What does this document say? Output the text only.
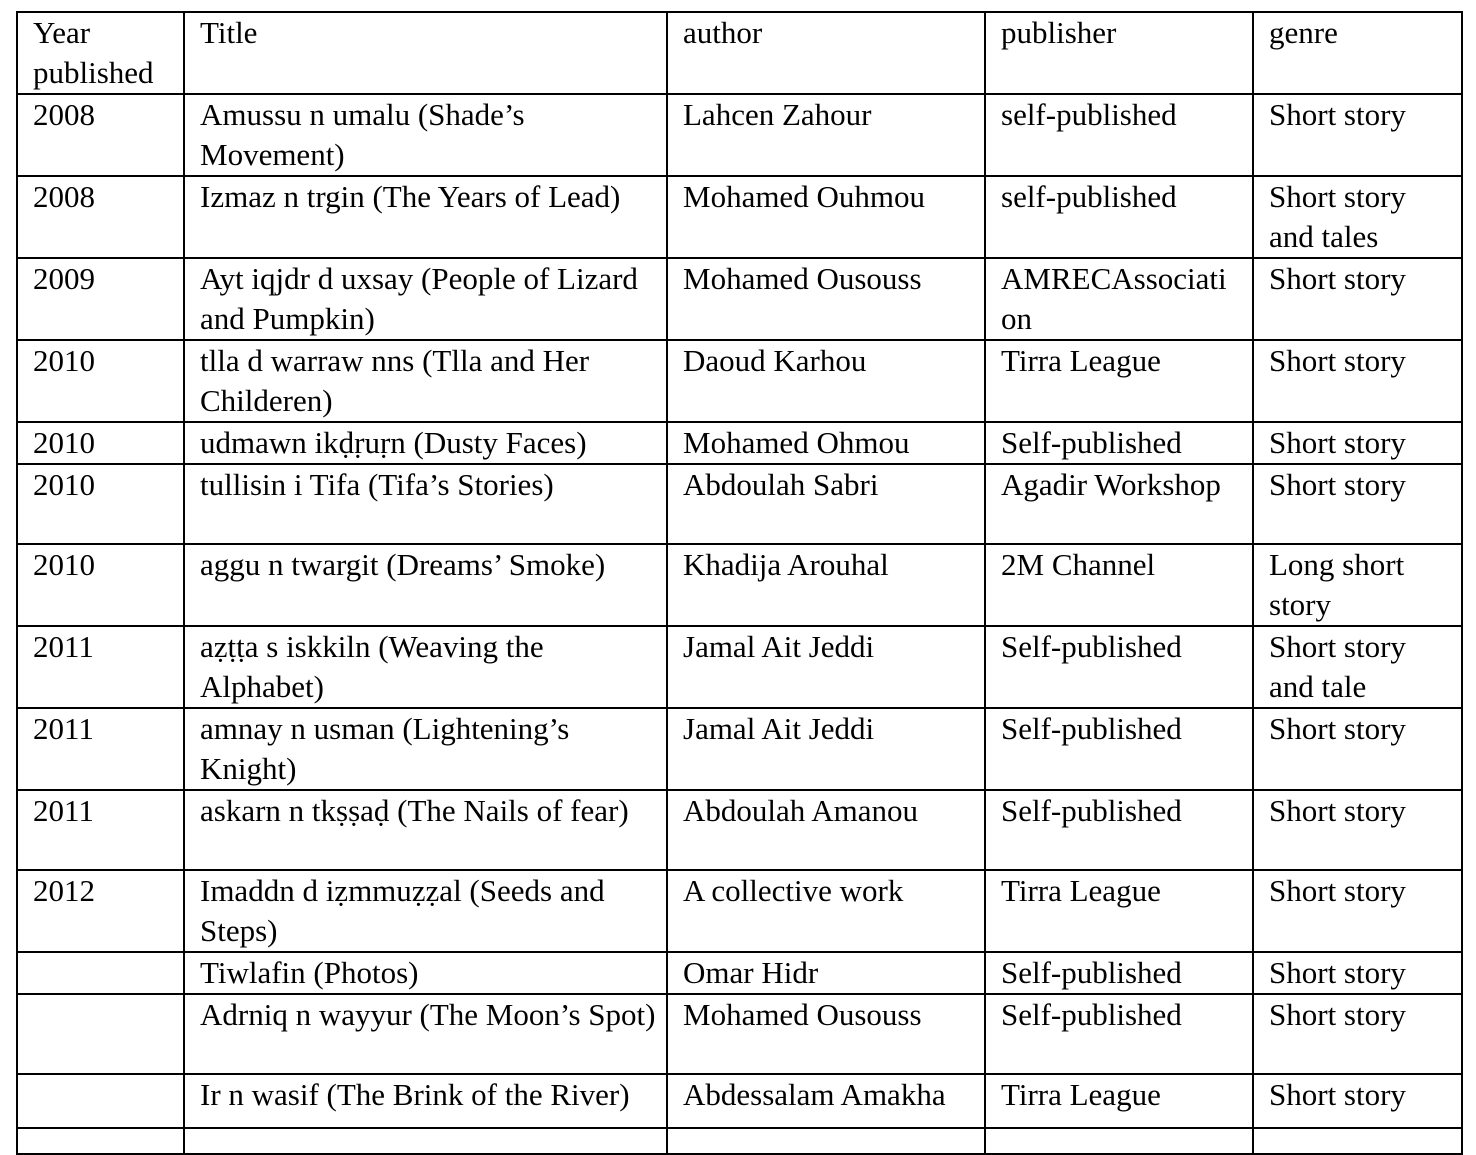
Year published	Title	author	publisher	genre
2008	Amussu n umalu (Shade’s Movement)	Lahcen Zahour	self-published	Short story
2008	Izmaz n trgin (The Years of Lead)	Mohamed Ouhmou	self-published	Short story and tales
2009	Ayt iqjdr d uxsay (People of Lizard and Pumpkin)	Mohamed Ousouss	AMRECAssociation	Short story
2010	tlla d warraw nns (Tlla and Her Childeren)	Daoud Karhou	Tirra League	Short story
2010	udmawn ikḍṛuṛn (Dusty Faces)	Mohamed Ohmou	Self-published	Short story
2010	tullisin i Tifa (Tifa’s Stories)	Abdoulah Sabri	Agadir Workshop	Short story
2010	aggu n twargit (Dreams’ Smoke)	Khadija Arouhal	2M Channel	Long short story
2011	aẓṭṭa s iskkiln (Weaving the Alphabet)	Jamal Ait Jeddi	Self-published	Short story and tale
2011	amnay n usman (Lightening’s Knight)	Jamal Ait Jeddi	Self-published	Short story
2011	askarn n tkṣṣaḍ (The Nails of fear)	Abdoulah Amanou	Self-published	Short story
2012	Imaddn d iẓmmuẓẓal (Seeds and Steps)	A collective work	Tirra League	Short story
	Tiwlafin (Photos)	Omar Hidr	Self-published	Short story
	Adrniq n wayyur (The Moon’s Spot)	Mohamed Ousouss	Self-published	Short story
	Ir n wasif (The Brink of the River)	Abdessalam Amakha	Tirra League	Short story
